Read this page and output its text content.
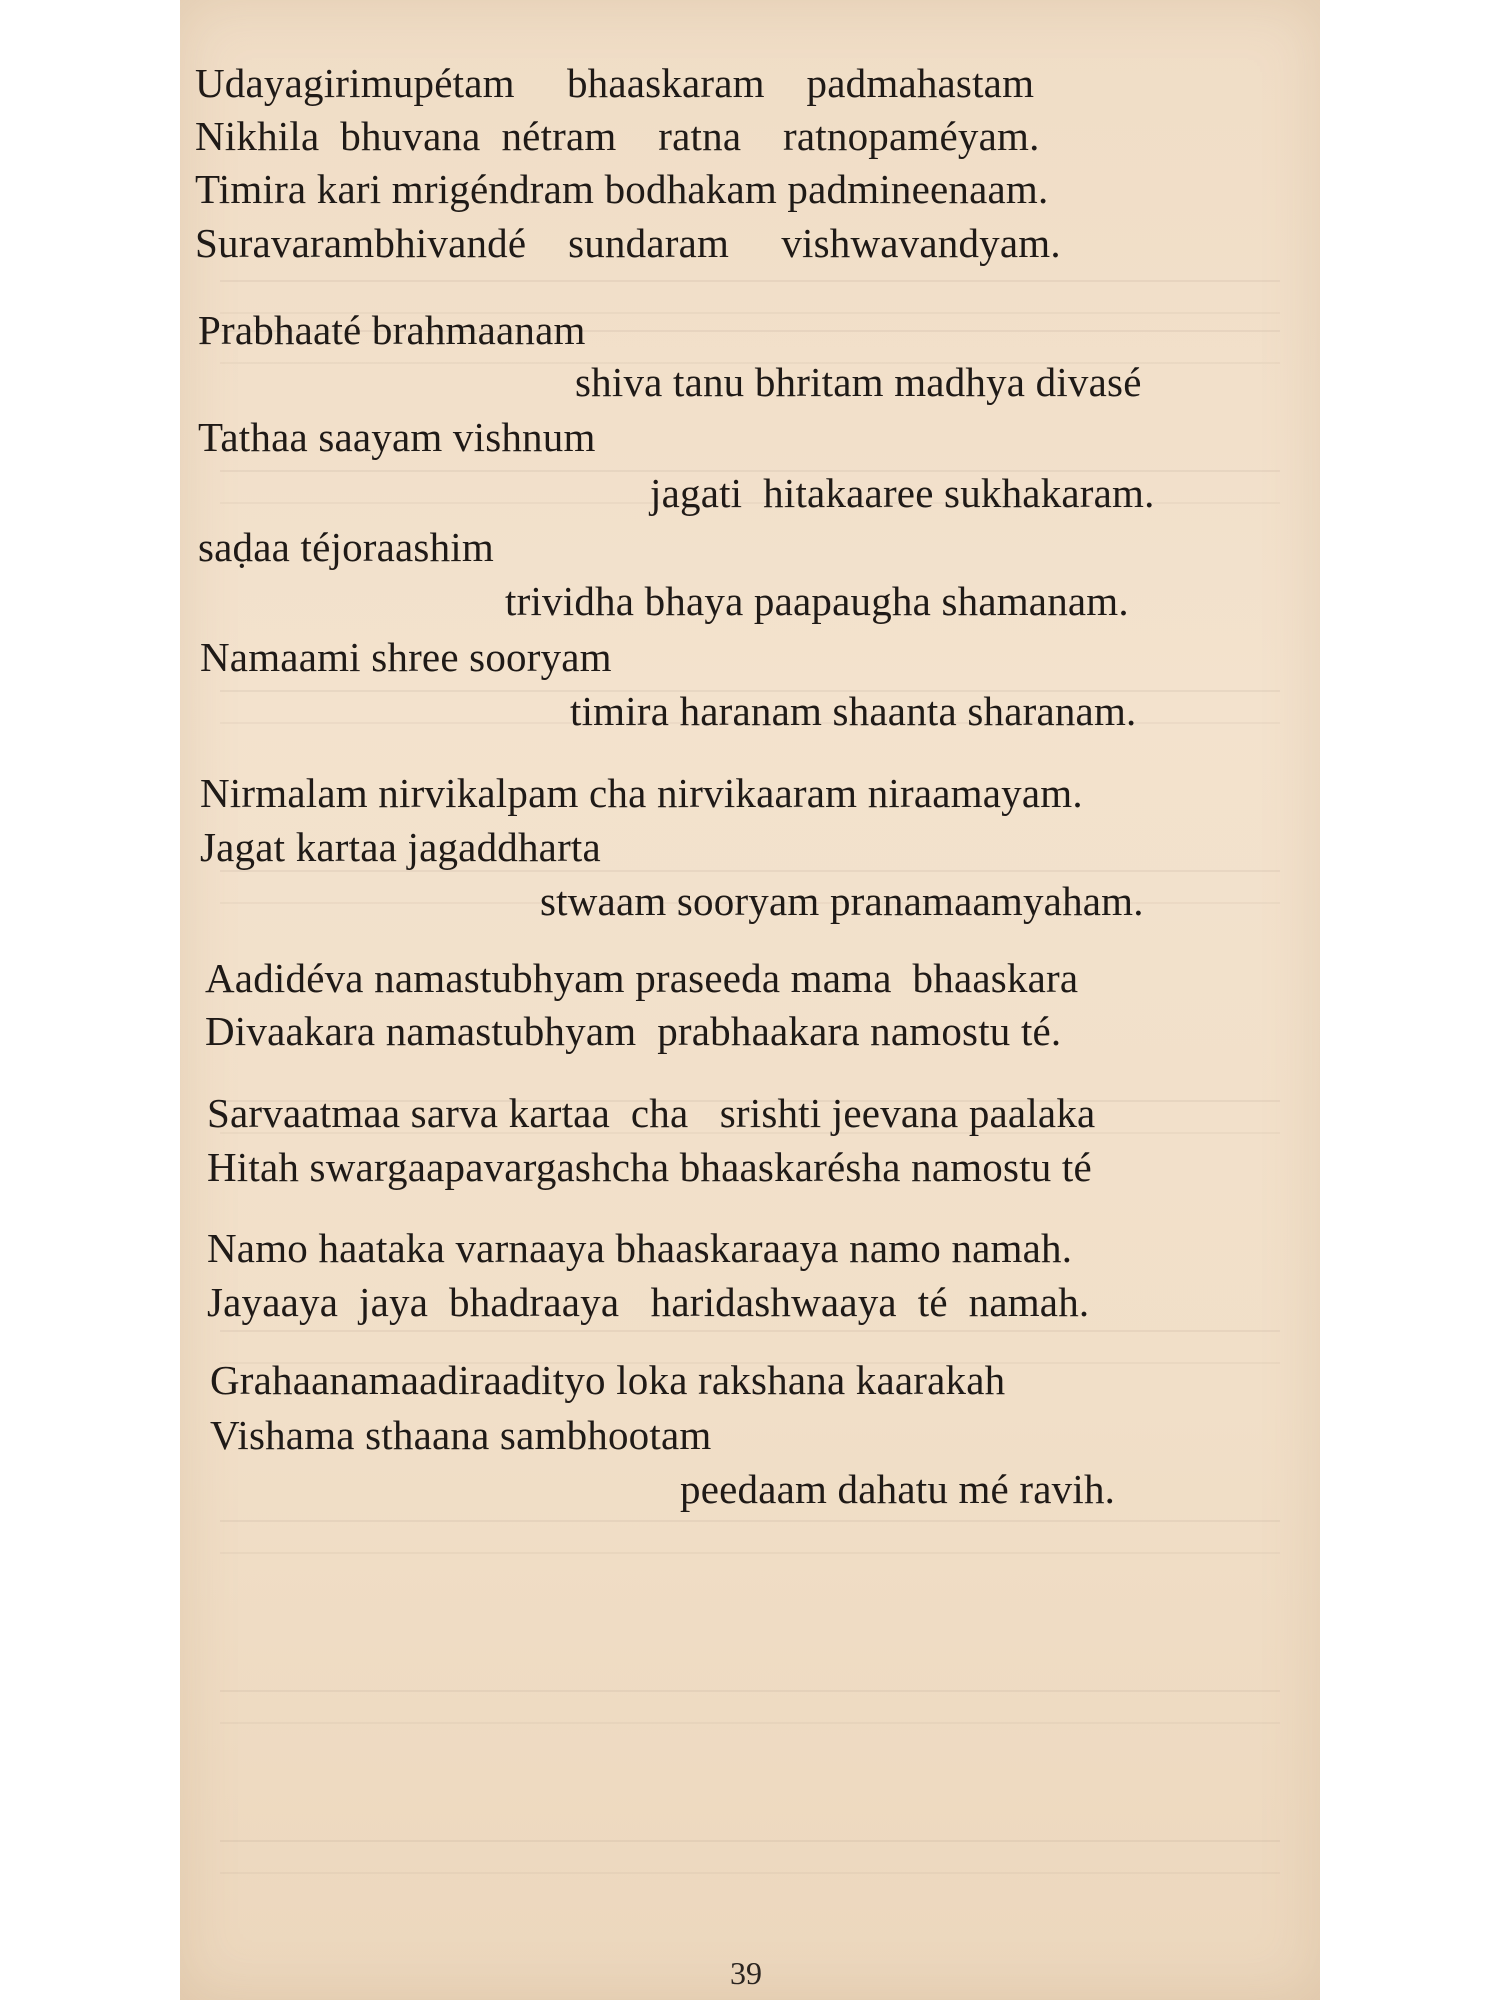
Udayagirimupétam     bhaaskaram    padmahastam
Nikhila  bhuvana  nétram    ratna    ratnopaméyam.
Timira kari mrigéndram bodhakam padmineenaam.
Suravarambhivandé    sundaram     vishwavandyam.
Prabhaaté brahmaanam
shiva tanu bhritam madhya divasé
Tathaa saayam vishnum
jagati  hitakaaree sukhakaram.
saḍaa téjoraashim
trividha bhaya paapaugha shamanam.
Namaami shree sooryam
timira haranam shaanta sharanam.
Nirmalam nirvikalpam cha nirvikaaram niraamayam.
Jagat kartaa jagaddharta
stwaam sooryam pranamaamyaham.
Aadidéva namastubhyam praseeda mama  bhaaskara
Divaakara namastubhyam  prabhaakara namostu té.
Sarvaatmaa sarva kartaa  cha   srishti jeevana paalaka
Hitah swargaapavargashcha bhaaskarésha namostu té
Namo haataka varnaaya bhaaskaraaya namo namah.
Jayaaya  jaya  bhadraaya   haridashwaaya  té  namah.
Grahaanamaadiraadityo loka rakshana kaarakah
Vishama sthaana sambhootam
peedaam dahatu mé ravih.
39
